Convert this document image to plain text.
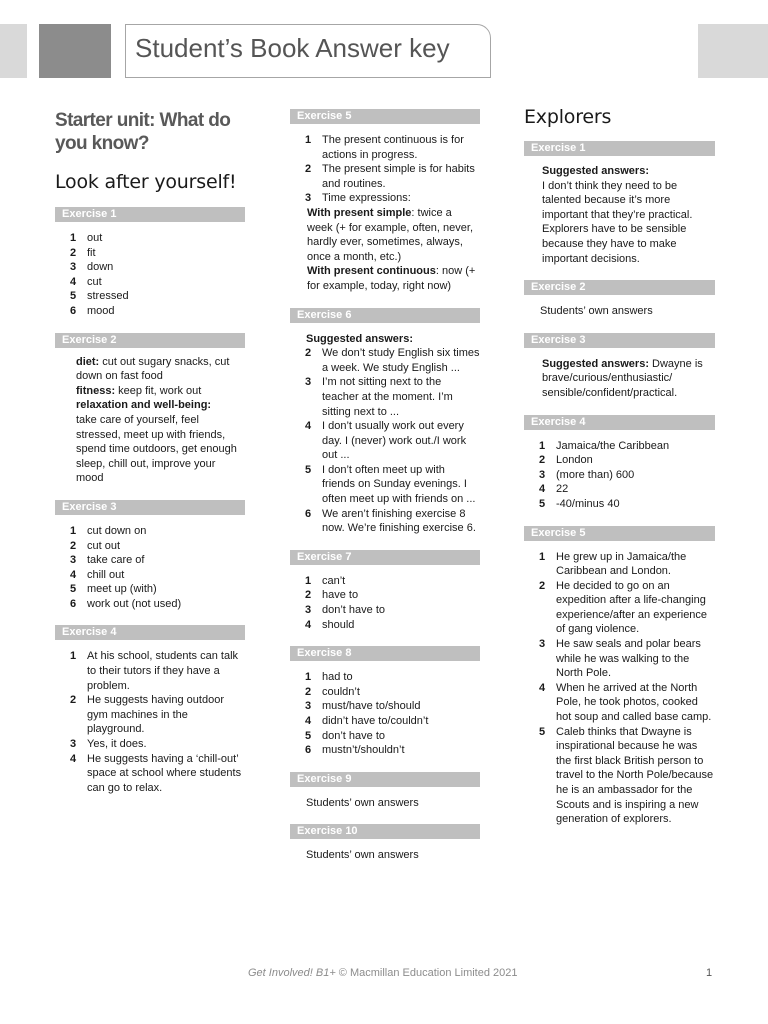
Student’s Book Answer key
Starter unit: What do you know?
Look after yourself!
Exercise 1
1 out
2 fit
3 down
4 cut
5 stressed
6 mood
Exercise 2
diet: cut out sugary snacks, cut down on fast food
fitness: keep fit, work out
relaxation and well-being:
take care of yourself, feel stressed, meet up with friends, spend time outdoors, get enough sleep, chill out, improve your mood
Exercise 3
1 cut down on
2 cut out
3 take care of
4 chill out
5 meet up (with)
6 work out (not used)
Exercise 4
1 At his school, students can talk to their tutors if they have a problem.
2 He suggests having outdoor gym machines in the playground.
3 Yes, it does.
4 He suggests having a ‘chill-out’ space at school where students can go to relax.
Exercise 5
1 The present continuous is for actions in progress.
2 The present simple is for habits and routines.
3 Time expressions:
With present simple: twice a week (+ for example, often, never, hardly ever, sometimes, always, once a month, etc.)
With present continuous: now (+ for example, today, right now)
Exercise 6
Suggested answers:
2 We don’t study English six times a week. We study English ...
3 I’m not sitting next to the teacher at the moment. I’m sitting next to ...
4 I don’t usually work out every day. I (never) work out./I work out ...
5 I don’t often meet up with friends on Sunday evenings. I often meet up with friends on ...
6 We aren’t finishing exercise 8 now. We’re finishing exercise 6.
Exercise 7
1 can’t
2 have to
3 don’t have to
4 should
Exercise 8
1 had to
2 couldn’t
3 must/have to/should
4 didn’t have to/couldn’t
5 don’t have to
6 mustn’t/shouldn’t
Exercise 9
Students’ own answers
Exercise 10
Students’ own answers
Explorers
Exercise 1
Suggested answers:
I don’t think they need to be talented because it’s more important that they’re practical. Explorers have to be sensible because they have to make important decisions.
Exercise 2
Students’ own answers
Exercise 3
Suggested answers: Dwayne is brave/curious/enthusiastic/ sensible/confident/practical.
Exercise 4
1 Jamaica/the Caribbean
2 London
3 (more than) 600
4 22
5 -40/minus 40
Exercise 5
1 He grew up in Jamaica/the Caribbean and London.
2 He decided to go on an expedition after a life-changing experience/after an experience of gang violence.
3 He saw seals and polar bears while he was walking to the North Pole.
4 When he arrived at the North Pole, he took photos, cooked hot soup and called base camp.
5 Caleb thinks that Dwayne is inspirational because he was the first black British person to travel to the North Pole/because he is an ambassador for the Scouts and is inspiring a new generation of explorers.
Get Involved! B1+ © Macmillan Education Limited 2021	1
